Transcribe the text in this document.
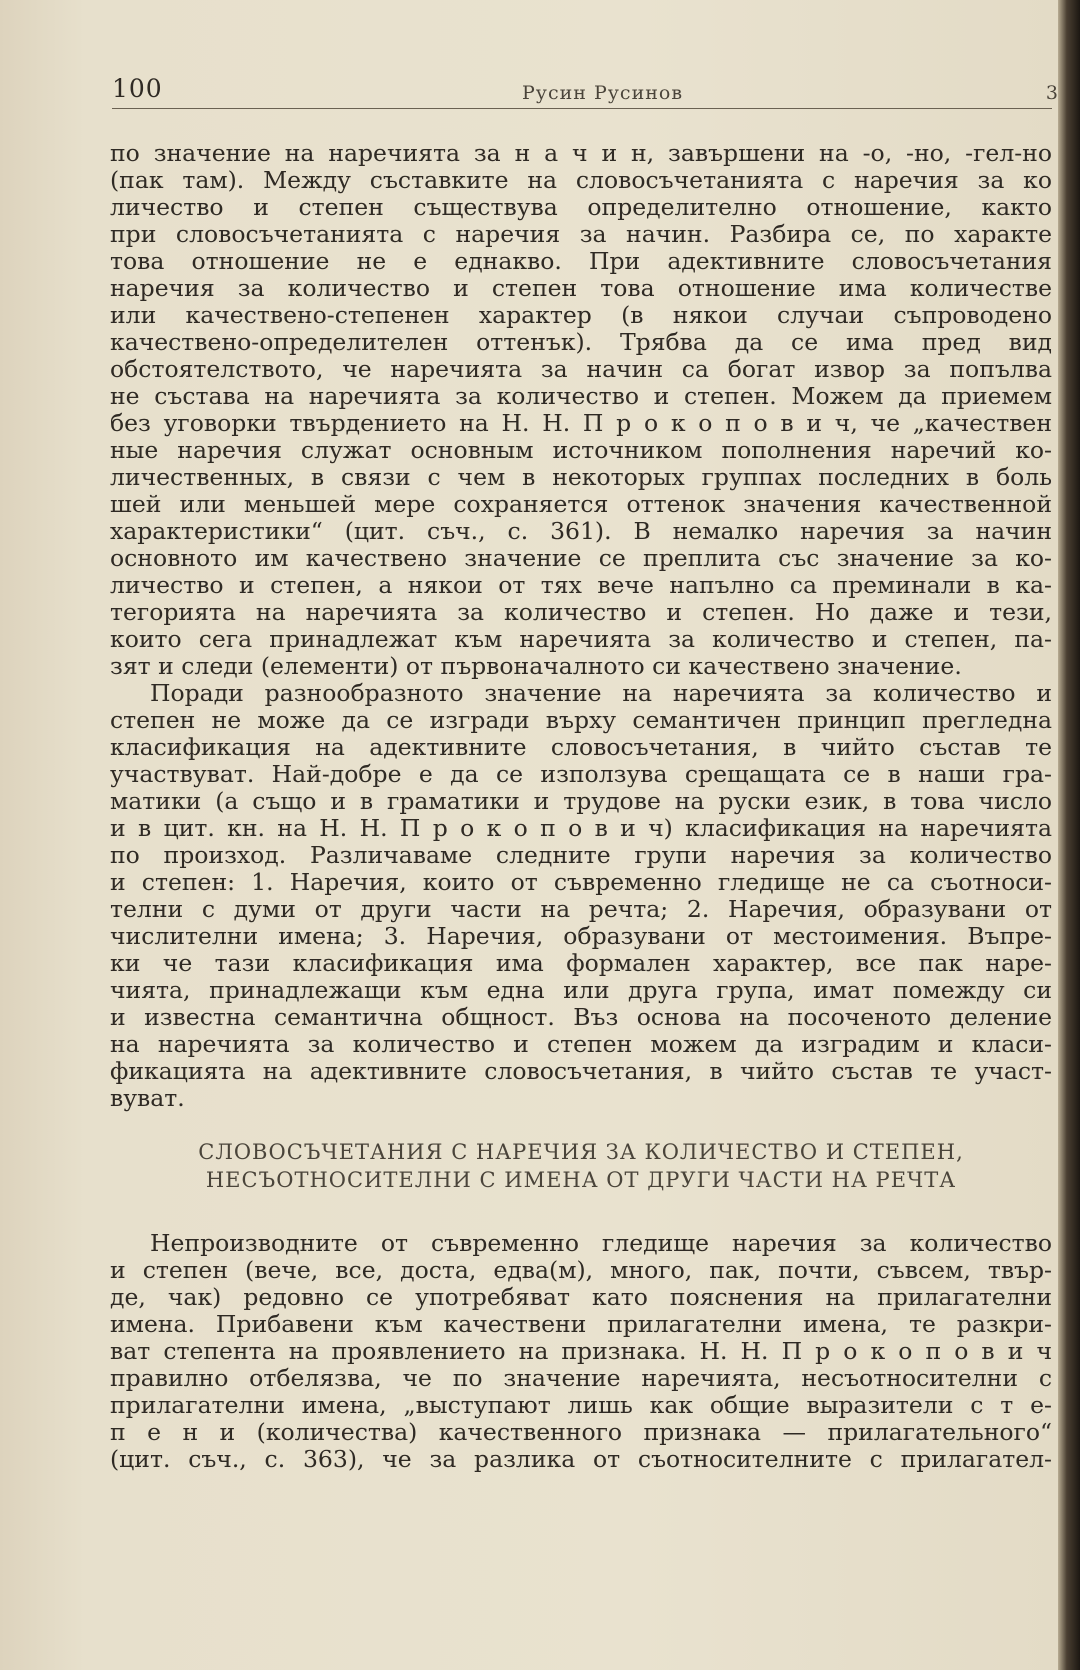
100	Русин Русинов	3
по значение на наречията за н а ч и н, завършени на -о, -но, -гел-но
(пак там). Между съставките на словосъчетанията с наречия за ко
личество и степен съществува определително отношение, както
при словосъчетанията с наречия за начин. Разбира се, по характе
това отношение не е еднакво. При адективните словосъчетания
наречия за количество и степен това отношение има количестве
или качествено-степенен характер (в някои случаи съпроводено
качествено-определителен оттенък). Трябва да се има пред вид
обстоятелството, че наречията за начин са богат извор за попълва
не състава на наречията за количество и степен. Можем да приемем
без уговорки твърдението на Н. Н. П р о к о п о в и ч, че „качествен
ные наречия служат основным источником пополнения наречий ко-
личественных, в связи с чем в некоторых группах последних в боль
шей или меньшей мере сохраняется оттенок значения качественной
характеристики“ (цит. съч., с. 361). В немалко наречия за начин
основното им качествено значение се преплита със значение за ко-
личество и степен, а някои от тях вече напълно са преминали в ка-
тегорията на наречията за количество и степен. Но даже и тези,
които сега принадлежат към наречията за количество и степен, па-
зят и следи (елементи) от първоначалното си качествено значение.
Поради разнообразното значение на наречията за количество и
степен не може да се изгради върху семантичен принцип прегледна
класификация на адективните словосъчетания, в чийто състав те
участвуват. Най-добре е да се използува срещащата се в наши гра-
матики (а също и в граматики и трудове на руски език, в това число
и в цит. кн. на Н. Н. П р о к о п о в и ч) класификация на наречията
по произход. Различаваме следните групи наречия за количество
и степен: 1. Наречия, които от съвременно гледище не са съотноси-
телни с думи от други части на речта; 2. Наречия, образувани от
числителни имена; 3. Наречия, образувани от местоимения. Въпре-
ки че тази класификация има формален характер, все пак наре-
чията, принадлежащи към една или друга група, имат помежду си
и известна семантична общност. Въз основа на посоченото деление
на наречията за количество и степен можем да изградим и класи-
фикацията на адективните словосъчетания, в чийто състав те участ-
вуват.
СЛОВОСЪЧЕТАНИЯ С НАРЕЧИЯ ЗА КОЛИЧЕСТВО И СТЕПЕН,
НЕСЪОТНОСИТЕЛНИ С ИМЕНА ОТ ДРУГИ ЧАСТИ НА РЕЧТА
Непроизводните от съвременно гледище наречия за количество
и степен (вече, все, доста, едва(м), много, пак, почти, съвсем, твър-
де, чак) редовно се употребяват като пояснения на прилагателни
имена. Прибавени към качествени прилагателни имена, те разкри-
ват степента на проявлението на признака. Н. Н. П р о к о п о в и ч
правилно отбелязва, че по значение наречията, несъотносителни с
прилагателни имена, „выступают лишь как общие выразители с т е-
п е н и (количества) качественного признака — прилагательного“
(цит. съч., с. 363), че за разлика от съотносителните с прилагател-
